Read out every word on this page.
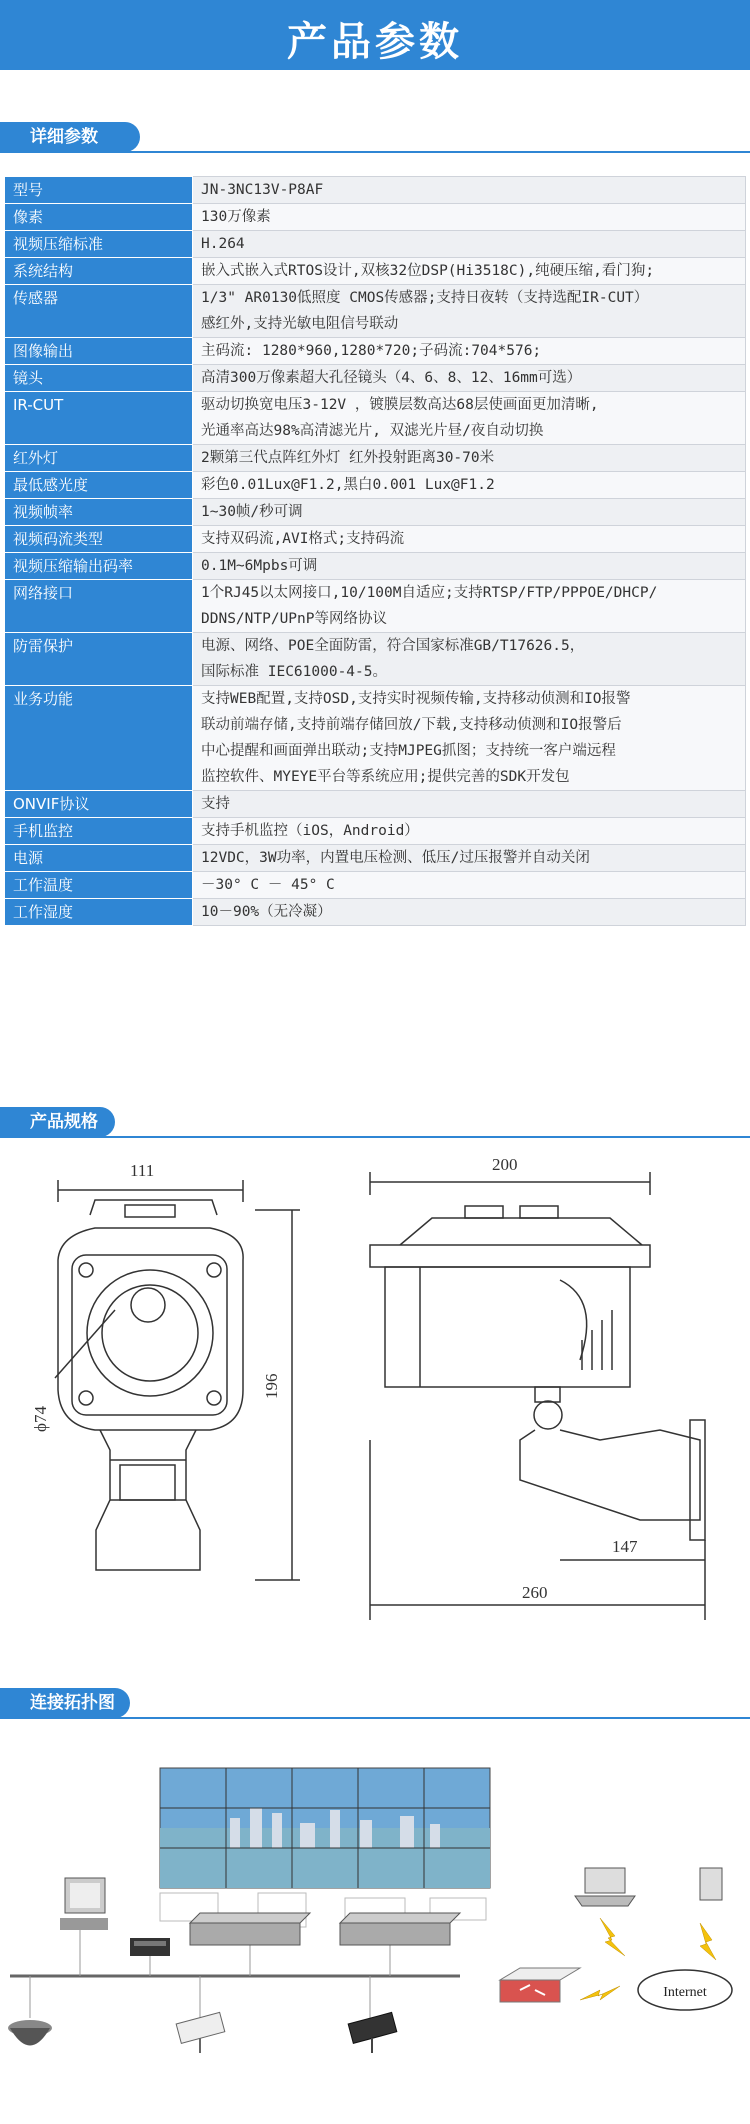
产品参数
详细参数
型号	JN-3NC13V-P8AF

像素	130万像素

视频压缩标准	H.264

系统结构	嵌入式嵌入式RTOS设计,双核32位DSP(Hi3518C),纯硬压缩,看门狗;

传感器	1/3" AR0130低照度 CMOS传感器;支持日夜转（支持选配IR-CUT）
感红外,支持光敏电阻信号联动

图像输出	主码流: 1280*960,1280*720;子码流:704*576;

镜头	高清300万像素超大孔径镜头（4、6、8、12、16mm可选）

IR-CUT	驱动切换宽电压3-12V ，镀膜层数高达68层使画面更加清晰,
光通率高达98%高清滤光片, 双滤光片昼/夜自动切换

红外灯	2颗第三代点阵红外灯 红外投射距离30-70米

最低感光度	彩色0.01Lux@F1.2,黑白0.001 Lux@F1.2

视频帧率	1~30帧/秒可调

视频码流类型	支持双码流,AVI格式;支持码流

视频压缩输出码率	0.1M~6Mpbs可调

网络接口	1个RJ45以太网接口,10/100M自适应;支持RTSP/FTP/PPPOE/DHCP/
DDNS/NTP/UPnP等网络协议

防雷保护	电源、网络、POE全面防雷，符合国家标准GB/T17626.5，
国际标准 IEC61000-4-5。

业务功能	支持WEB配置,支持OSD,支持实时视频传输,支持移动侦测和IO报警
联动前端存储,支持前端存储回放/下载,支持移动侦测和IO报警后
中心提醒和画面弹出联动;支持MJPEG抓图；支持统一客户端远程
监控软件、MYEYE平台等系统应用;提供完善的SDK开发包

ONVIF协议	支持

手机监控	支持手机监控（iOS，Android）

电源	12VDC，3W功率，内置电压检测、低压/过压报警并自动关闭

工作温度	－30° C － 45° C

工作湿度	10－90%（无冷凝）
产品规格
111
196
ϕ74
200
147
260
连接拓扑图
Internet
